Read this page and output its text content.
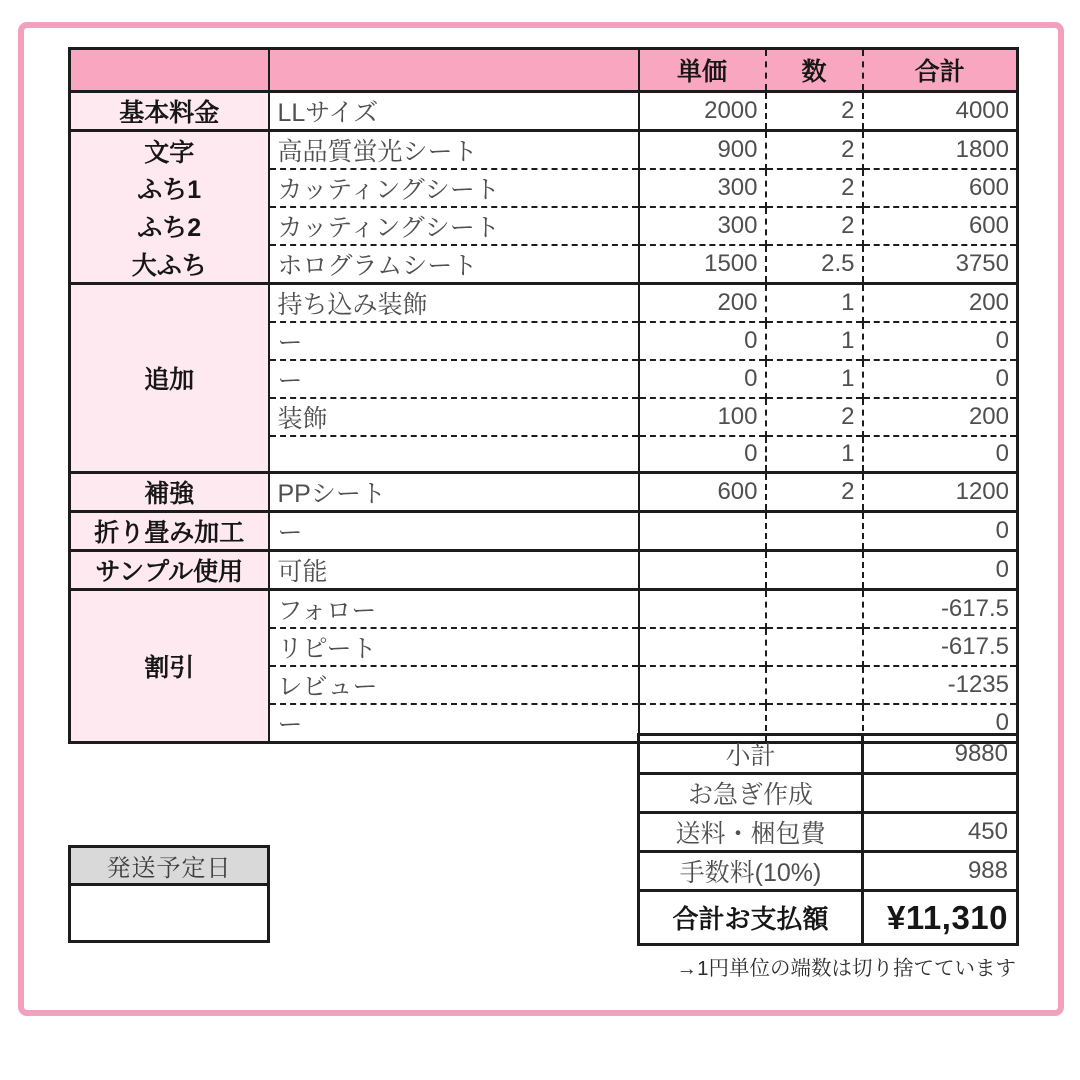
		単価	数	合計
基本料金	LLサイズ	2000	2	4000
文字	高品質蛍光シート	900	2	1800
ふち1	カッティングシート	300	2	600
ふち2	カッティングシート	300	2	600
大ふち	ホログラムシート	1500	2.5	3750
追加	持ち込み装飾	200	1	200
	ー	0	1	0
	ー	0	1	0
	装飾	100	2	200
		0	1	0
補強	PPシート	600	2	1200
折り畳み加工	ー			0
サンプル使用	可能			0
割引	フォロー			-617.5
	リピート			-617.5
	レビュー			-1235
	ー			0
小計	9880
お急ぎ作成	
送料・梱包費	450
手数料(10%)	988
合計お支払額	¥11,310
→1円単位の端数は切り捨てています
発送予定日
